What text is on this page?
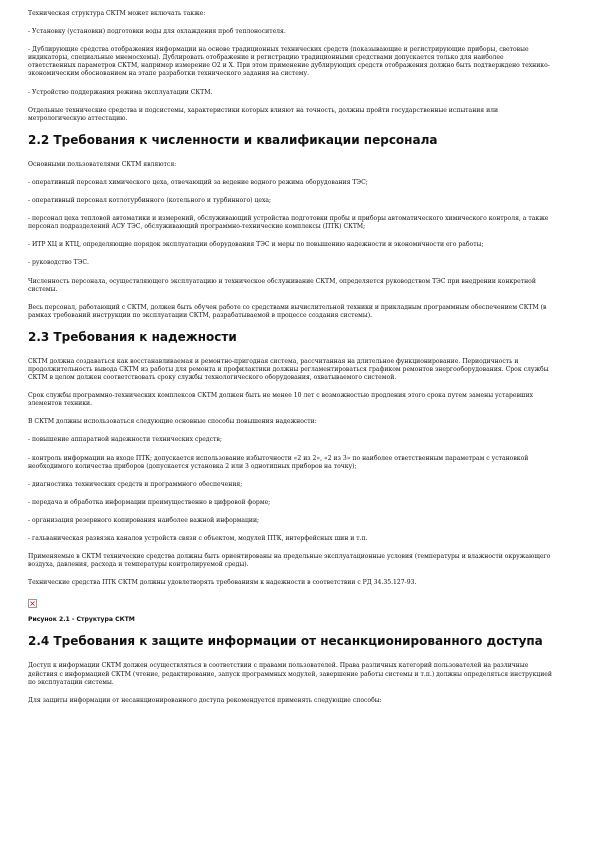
Техническая структура СКТМ может включать также:

- Установку (установки) подготовки воды для охлаждения проб теплоносителя.

- Дублирующие средства отображения информации на основе традиционных технических средств (показывающие и регистрирующие приборы, световые индикаторы, специальные мнемосхемы). Дублировать отображение и регистрацию традиционными средствами допускается только для наиболее ответственных параметров СКТМ, например измерение O2 и Х. При этом применение дублирующих средств отображения должно быть подтверждено технико-экономическим обоснованием на этапе разработки технического задания на систему.

- Устройство поддержания режима эксплуатации СКТМ.

Отдельные технические средства и подсистемы, характеристики которых влияют на точность, должны пройти государственные испытания или метрологическую аттестацию.

2.2 Требования к численности и квалификации персонала

Основными пользователями СКТМ являются:

- оперативный персонал химического цеха, отвечающий за ведение водного режима оборудования ТЭС;

- оперативный персонал котлотурбинного (котельного и турбинного) цеха;

- персонал цеха тепловой автоматики и измерений, обслуживающий устройства подготовки пробы и приборы автоматического химического контроля, а также персонал подразделений АСУ ТЭС, обслуживающий программно-технические комплексы (ПТК) СКТМ;

- ИТР ХЦ и КТЦ, определяющие порядок эксплуатации оборудования ТЭС и меры по повышению надежности и экономичности его работы;

- руководство ТЭС.

Численность персонала, осуществляющего эксплуатацию и техническое обслуживание СКТМ, определяется руководством ТЭС при внедрении конкретной системы.

Весь персонал, работающий с СКТМ, должен быть обучен работе со средствами вычислительной техники и прикладным программным обеспечением СКТМ (в рамках требований инструкции по эксплуатации СКТМ, разрабатываемой в процессе создания системы).

2.3 Требования к надежности

СКТМ должна создаваться как восстанавливаемая и ремонтно-пригодная система, рассчитанная на длительное функционирование. Периодичность и продолжительность вывода СКТМ из работы для ремонта и профилактики должны регламентироваться графиком ремонтов энергооборудования. Срок службы СКТМ в целом должен соответствовать сроку службы технологического оборудования, охватываемого системой.

Срок службы программно-технических комплексов СКТМ должен быть не менее 10 лет с возможностью продления этого срока путем замены устаревших элементов техники.

В СКТМ должны использоваться следующие основные способы повышения надежности:

- повышение аппаратной надежности технических средств;

- контроль информации на входе ПТК; допускается использование избыточности «2 из 2», «2 из 3» по наиболее ответственным параметрам с установкой необходимого количества приборов (допускается установка 2 или 3 однотипных приборов на точку);

- диагностика технических средств и программного обеспечения;

- передача и обработка информации преимущественно в цифровой форме;

- организация резервного копирования наиболее важной информации;

- гальваническая развязка каналов устройств связи с объектом, модулей ПТК, интерфейсных шин и т.п.

Применяемые в СКТМ технические средства должны быть ориентированы на предельные эксплуатационные условия (температуры и влажности окружающего воздуха, давления, расхода и температуры контролируемой среды).

Технические средства ПТК СКТМ должны удовлетворять требованиям к надежности в соответствии с РД 34.35.127-93.

×

Рисунок 2.1 - Структура СКТМ

2.4 Требования к защите информации от несанкционированного доступа

Доступ к информации СКТМ должен осуществляться в соответствии с правами пользователей. Права различных категорий пользователей на различные действия с информацией СКТМ (чтение, редактирование, запуск программных модулей, завершение работы системы и т.п.) должны определяться инструкцией по эксплуатации системы.

Для защиты информации от несанкционированного доступа рекомендуется применять следующие способы:
